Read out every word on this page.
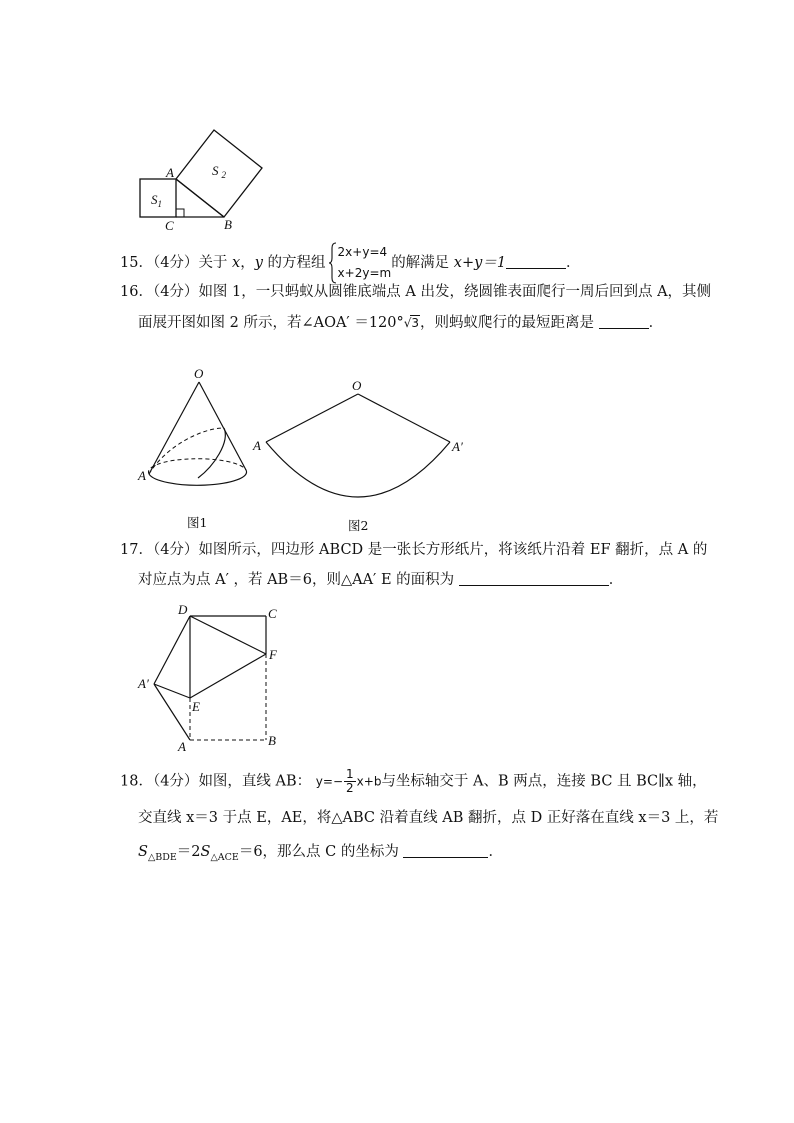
A
B
C
$S_1$
S $_2$
15．（4分）关于 x，y 的方程组
2x+y=4
x+2y=m
的解满足 x+y＝1	．
16．（4分）如图 1，一只蚂蚁从圆锥底端点 A 出发，绕圆锥表面爬行一周后回到点 A，其侧
面展开图如图 2 所示，若∠AOA′ ＝120°√3，则蚂蚁爬行的最短距离是	．
O
A
图1
O
A	A′
图2
17．（4分）如图所示，四边形 ABCD 是一张长方形纸片，将该纸片沿着 EF 翻折，点 A 的
对应点为点 A′ ，若 AB＝6，则△AA′ E 的面积为	．
D	C
F
A′
E
A	B
18．（4分）如图，直线 AB： $y=- \frac{1}{2} x+b$与坐标轴交于 A、B 两点，连接 BC 且 BC∥x 轴，
交直线 x＝3 于点 E，AE，将△ABC 沿着直线 AB 翻折，点 D 正好落在直线 x＝3 上，若
$S_{\triangle BDE}=2S_{\triangle ACE}=6$，那么点 C 的坐标为	．
